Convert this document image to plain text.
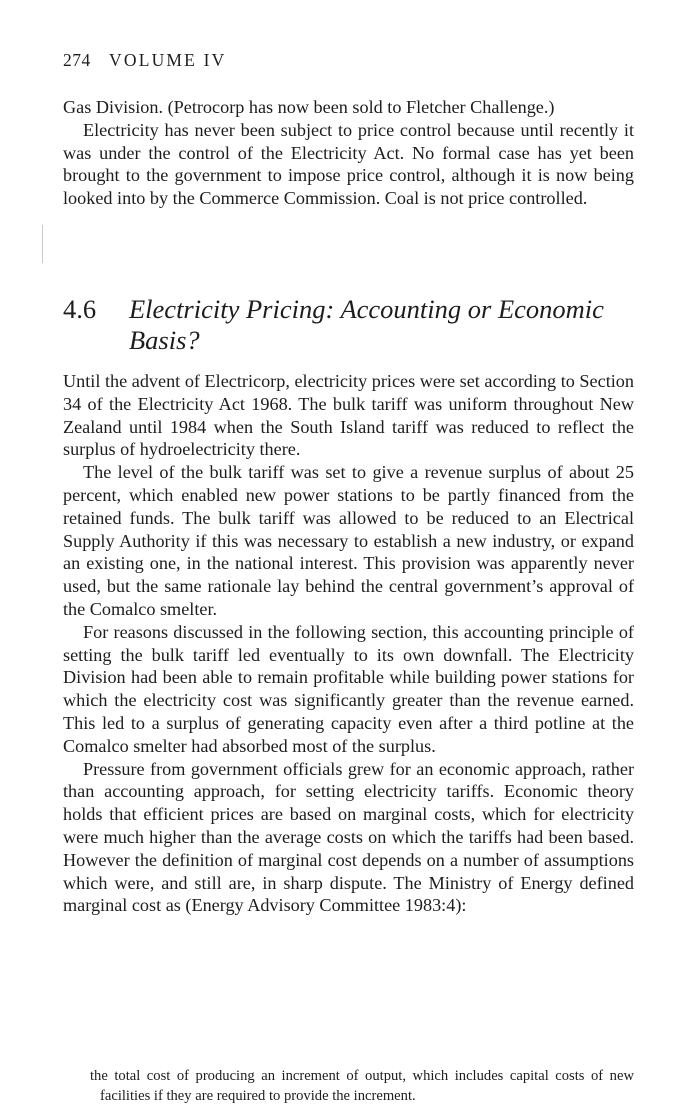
274 VOLUME IV

Gas Division. (Petrocorp has now been sold to Fletcher Challenge.)

Electricity has never been subject to price control because until recently it was under the control of the Electricity Act. No formal case has yet been brought to the government to impose price control, although it is now being looked into by the Commerce Commission. Coal is not price controlled.

4.6 Electricity Pricing: Accounting or Economic Basis?

Until the advent of Electricorp, electricity prices were set according to Section 34 of the Electricity Act 1968. The bulk tariff was uniform throughout New Zealand until 1984 when the South Island tariff was reduced to reflect the surplus of hydroelectricity there.

The level of the bulk tariff was set to give a revenue surplus of about 25 percent, which enabled new power stations to be partly financed from the retained funds. The bulk tariff was allowed to be reduced to an Electrical Supply Authority if this was necessary to establish a new industry, or expand an existing one, in the national interest. This provision was apparently never used, but the same rationale lay behind the central government’s approval of the Comalco smelter.

For reasons discussed in the following section, this accounting principle of setting the bulk tariff led eventually to its own downfall. The Electricity Division had been able to remain profitable while building power stations for which the electricity cost was significantly greater than the revenue earned. This led to a surplus of generating capacity even after a third potline at the Comalco smelter had absorbed most of the surplus.

Pressure from government officials grew for an economic approach, rather than accounting approach, for setting electricity tariffs. Economic theory holds that efficient prices are based on marginal costs, which for electricity were much higher than the average costs on which the tariffs had been based. However the definition of marginal cost depends on a number of assumptions which were, and still are, in sharp dispute. The Ministry of Energy defined marginal cost as (Energy Advisory Committee 1983:4):

the total cost of producing an increment of output, which includes capital costs of new facilities if they are required to provide the increment.
